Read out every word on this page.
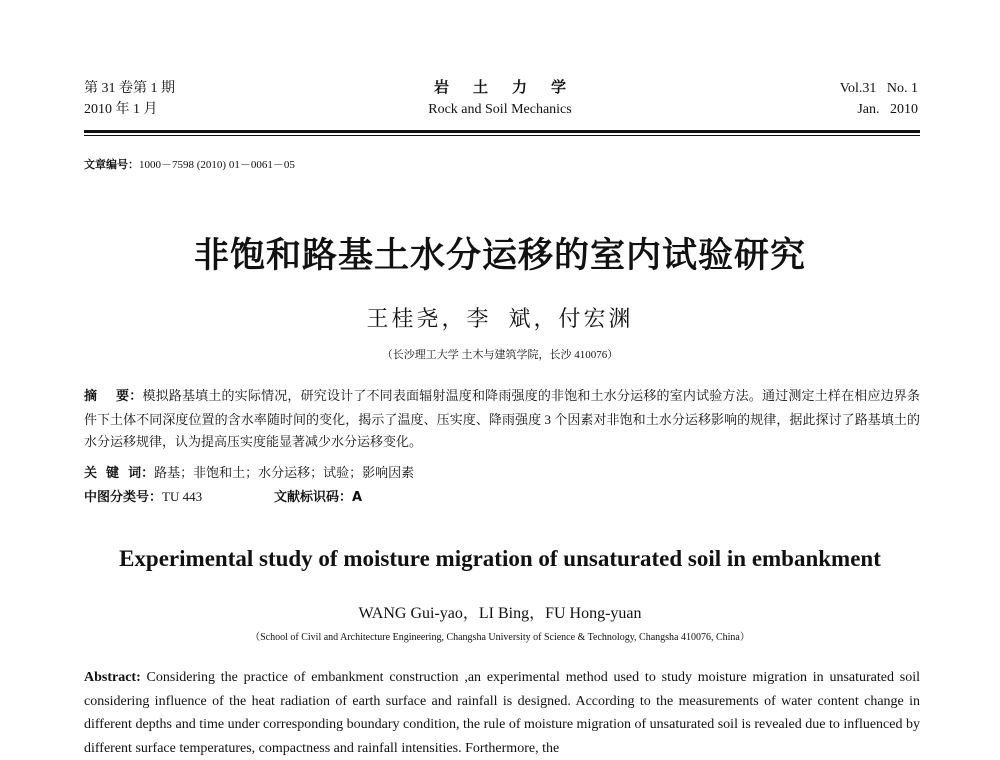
第 31 卷第 1 期
2010 年 1 月
岩土力学
Rock and Soil Mechanics
Vol.31   No. 1
Jan.   2010
文章编号：1000－7598 (2010) 01－0061－05
非饱和路基土水分运移的室内试验研究
王桂尧，李  斌，付宏渊
（长沙理工大学 土木与建筑学院，长沙 410076）
摘    要：模拟路基填土的实际情况，研究设计了不同表面辐射温度和降雨强度的非饱和土水分运移的室内试验方法。通过测定土样在相应边界条件下土体不同深度位置的含水率随时间的变化，揭示了温度、压实度、降雨强度 3 个因素对非饱和土水分运移影响的规律，据此探讨了路基填土的水分运移规律，认为提高压实度能显著减少水分运移变化。
关  键  词：路基；非饱和土；水分运移；试验；影响因素
中图分类号：TU 443	文献标识码：A
Experimental study of moisture migration of unsaturated soil in embankment
WANG Gui-yao，LI Bing，FU Hong-yuan
（School of Civil and Architecture Engineering, Changsha University of Science & Technology, Changsha 410076, China）
Abstract: Considering the practice of embankment construction ,an experimental method used to study moisture migration in unsaturated soil considering influence of the heat radiation of earth surface and rainfall is designed. According to the measurements of water content change in different depths and time under corresponding boundary condition, the rule of moisture migration of unsaturated soil is revealed due to influenced by different surface temperatures, compactness and rainfall intensities. Forthermore, the
